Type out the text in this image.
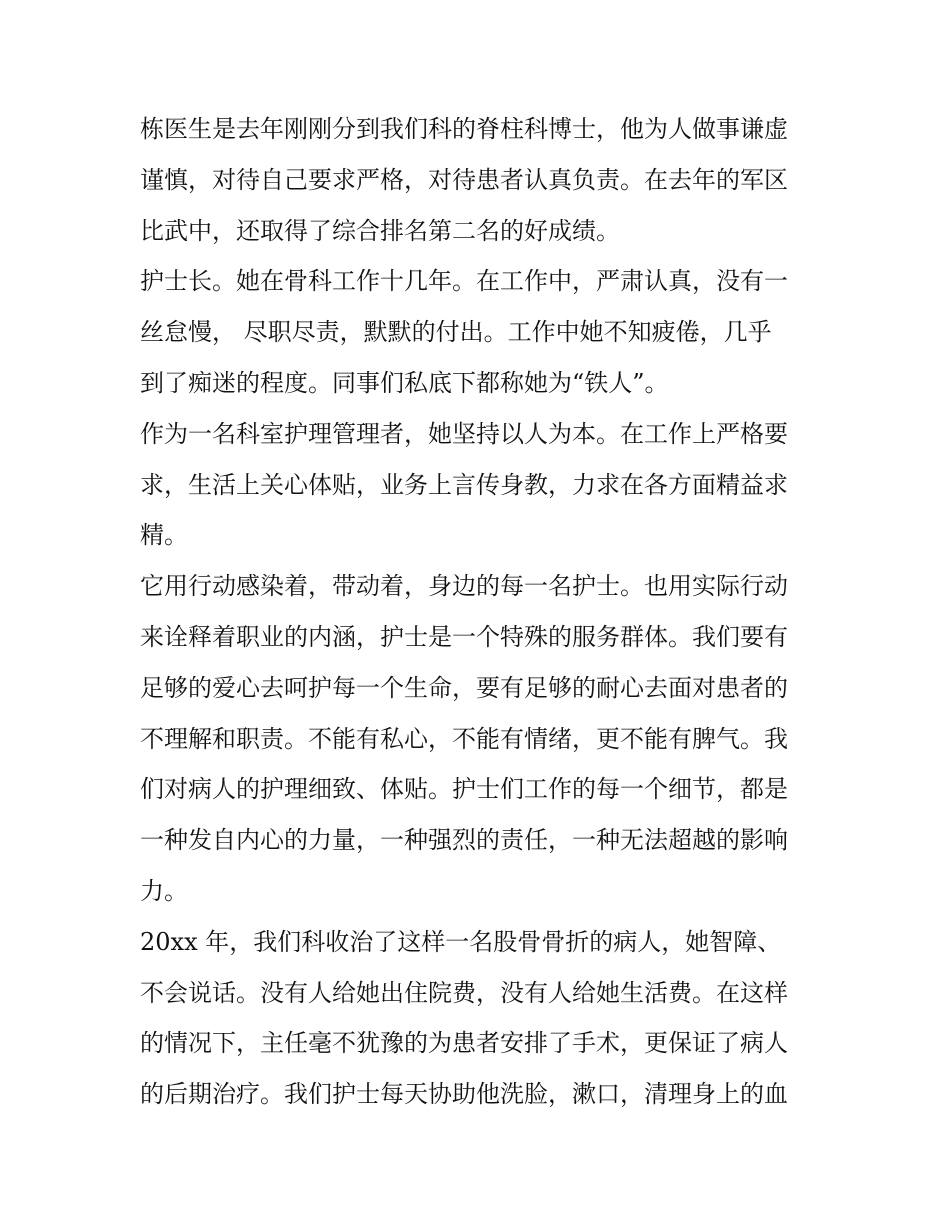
栋医生是去年刚刚分到我们科的脊柱科博士，他为人做事谦虚
谨慎，对待自己要求严格，对待患者认真负责。在去年的军区
比武中，还取得了综合排名第二名的好成绩。
护士长。她在骨科工作十几年。在工作中，严肃认真，没有一
丝怠慢， 尽职尽责，默默的付出。工作中她不知疲倦，几乎
到了痴迷的程度。同事们私底下都称她为“铁人”。
作为一名科室护理管理者，她坚持以人为本。在工作上严格要
求，生活上关心体贴，业务上言传身教，力求在各方面精益求
精。
它用行动感染着，带动着，身边的每一名护士。也用实际行动
来诠释着职业的内涵，护士是一个特殊的服务群体。我们要有
足够的爱心去呵护每一个生命，要有足够的耐心去面对患者的
不理解和职责。不能有私心，不能有情绪，更不能有脾气。我
们对病人的护理细致、体贴。护士们工作的每一个细节，都是
一种发自内心的力量，一种强烈的责任，一种无法超越的影响
力。
20xx 年，我们科收治了这样一名股骨骨折的病人，她智障、
不会说话。没有人给她出住院费，没有人给她生活费。在这样
的情况下，主任毫不犹豫的为患者安排了手术，更保证了病人
的后期治疗。我们护士每天协助他洗脸，漱口，清理身上的血
